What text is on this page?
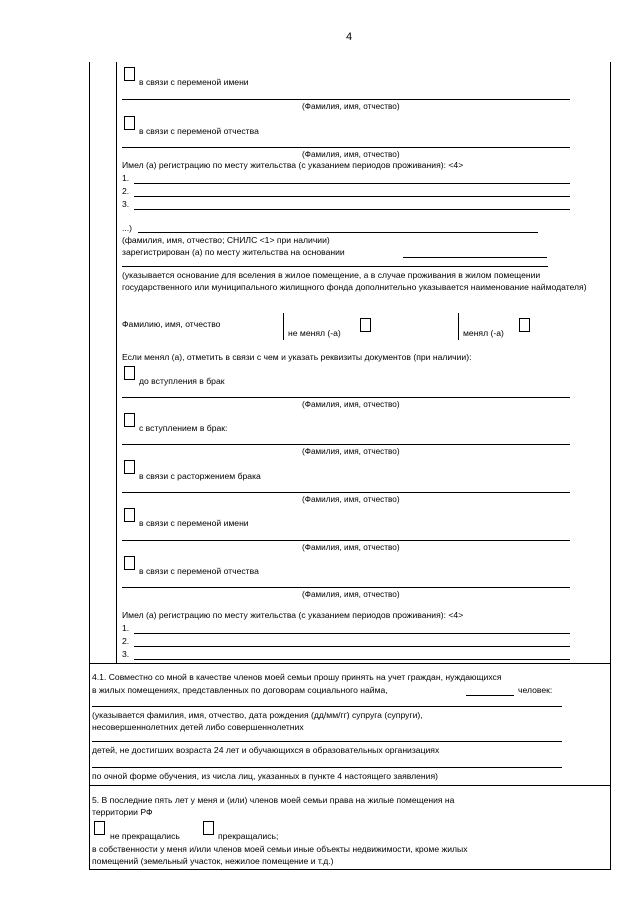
4
в связи с переменой имени
(Фамилия, имя, отчество)
в связи с переменой отчества
(Фамилия, имя, отчество)
Имел (а) регистрацию по месту жительства (с указанием периодов проживания): <4>
1.
2.
3.
...)
(фамилия, имя, отчество; СНИЛС <1> при наличии)
зарегистрирован (а) по месту жительства на основании
(указывается основание для вселения в жилое помещение, а в случае проживания в жилом помещении государственного или муниципального жилищного фонда дополнительно указывается наименование наймодателя)
Фамилию, имя, отчество
не менял (-а)	менял (-а)
Если менял (а), отметить в связи с чем и указать реквизиты документов (при наличии):
до вступления в брак
(Фамилия, имя, отчество)
с вступлением в брак:
(Фамилия, имя, отчество)
в связи с расторжением брака
(Фамилия, имя, отчество)
в связи с переменой имени
(Фамилия, имя, отчество)
в связи с переменой отчества
(Фамилия, имя, отчество)
Имел (а) регистрацию по месту жительства (с указанием периодов проживания): <4>
1.
2.
3.
4.1. Совместно со мной в качестве членов моей семьи прошу принять на учет граждан, нуждающихся
в жилых помещениях, представленных по договорам социального найма,	человек:
(указывается фамилия, имя, отчество, дата рождения (дд/мм/гг) супруга (супруги),
несовершеннолетних детей либо совершеннолетних
детей, не достигших возраста 24 лет и обучающихся в образовательных организациях
по очной форме обучения, из числа лиц, указанных в пункте 4 настоящего заявления)
5. В последние пять лет у меня и (или) членов моей семьи права на жилые помещения на
территории РФ
не прекращались	прекращались;
в собственности у меня и/или членов моей семьи иные объекты недвижимости, кроме жилых
помещений (земельный участок, нежилое помещение и т.д.)
